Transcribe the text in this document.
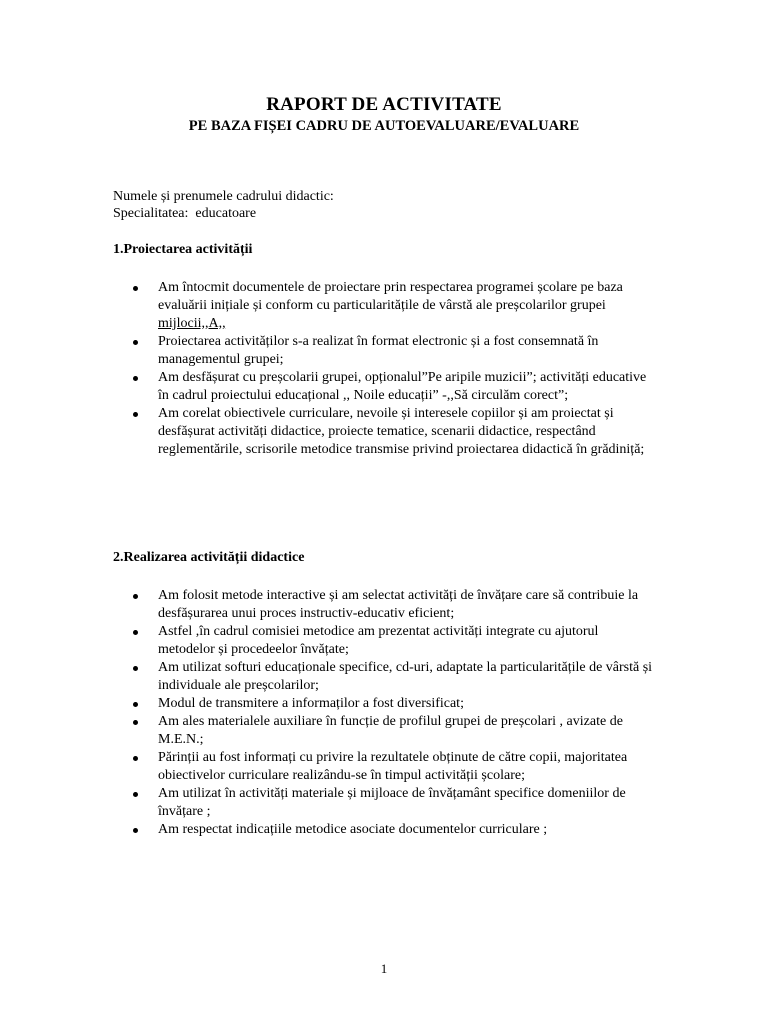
RAPORT DE ACTIVITATE
PE BAZA FIȘEI CADRU DE AUTOEVALUARE/EVALUARE
Numele și prenumele cadrului didactic:
Specialitatea: educatoare
1.Proiectarea activității
Am întocmit documentele de proiectare prin respectarea programei școlare pe baza evaluării inițiale și conform cu particularitățile de vârstă ale preșcolarilor grupei  mijlocii,,A,,
Proiectarea activităților s-a realizat în format electronic și a fost consemnată în managementul grupei;
Am desfășurat cu preșcolarii grupei, opționalul”Pe aripile muzicii”; activități educative în cadrul proiectului educațional ,, Noile educații” -,,Să circulăm corect”;
Am corelat obiectivele curriculare, nevoile și interesele copiilor și am proiectat și desfășurat activități didactice, proiecte tematice, scenarii didactice, respectând reglementările, scrisorile metodice transmise privind proiectarea didactică în grădiniță;
2.Realizarea activității didactice
Am folosit metode interactive și am selectat activități de învățare care să contribuie la desfășurarea unui proces instructiv-educativ eficient;
Astfel ,în cadrul comisiei metodice am prezentat activități integrate cu ajutorul metodelor și procedeelor învățate;
Am utilizat softuri educaționale specifice, cd-uri, adaptate la particularitățile de vârstă și individuale ale preșcolarilor;
Modul de transmitere a informaților a fost diversificat;
Am ales materialele auxiliare în funcție de profilul grupei de preșcolari , avizate de M.E.N.;
Părinții au fost informați cu privire la rezultatele obținute de către copii, majoritatea obiectivelor curriculare realizându-se în timpul activității școlare;
Am utilizat în activități materiale și mijloace de învățamânt specifice domeniilor de învățare ;
Am respectat indicațiile metodice asociate documentelor curriculare ;
1
